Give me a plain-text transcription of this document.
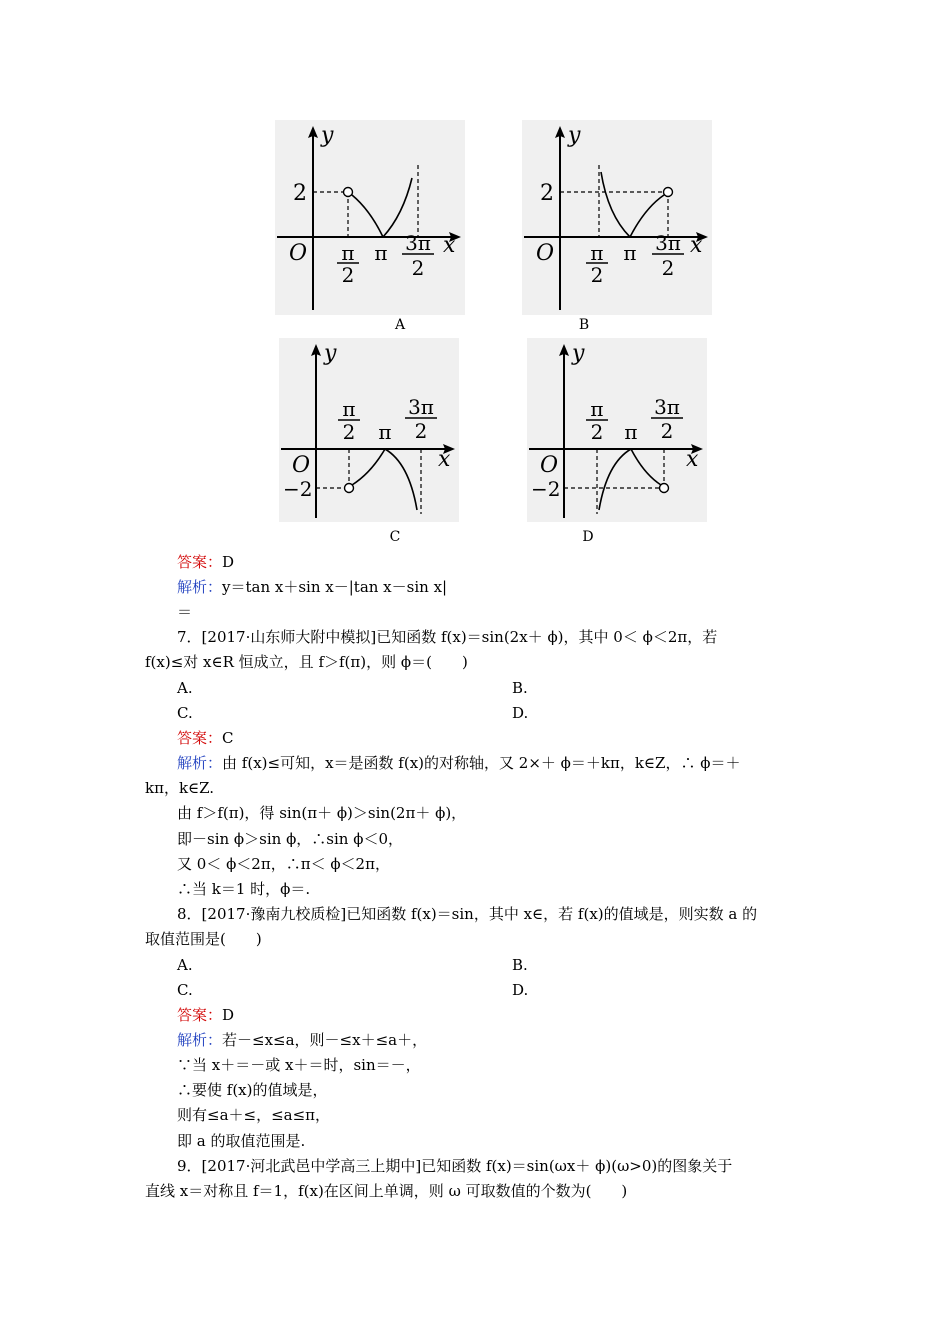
y
x
O
2
π
2
π 3π
2
A
y
x
O
2
π
2
π 3π
2
B
y
x
O
−2
π
2 π
3π
2
C
y
x
O
−2
π
2 π
3π
2
D
答案：D
解析：y＝tan x＋sin x－|tan x－sin x|
＝
7．[2017·山东师大附中模拟]已知函数 f(x)＝sin(2x＋ ϕ)，其中 0＜ ϕ＜2π，若
f(x)≤对 x∈R 恒成立，且 f＞f(π)，则 ϕ＝(　　)
A.	B.
C.	D.
答案：C
解析：由 f(x)≤可知，x＝是函数 f(x)的对称轴，又 2×＋ ϕ＝＋kπ，k∈Z，∴ ϕ＝＋
kπ，k∈Z.
由 f＞f(π)，得 sin(π＋ ϕ)＞sin(2π＋ ϕ)，
即－sin ϕ＞sin ϕ，∴sin ϕ＜0，
又 0＜ ϕ＜2π，∴π＜ ϕ＜2π，
∴当 k＝1 时，ϕ＝.
8．[2017·豫南九校质检]已知函数 f(x)＝sin，其中 x∈，若 f(x)的值域是，则实数 a 的
取值范围是(　　)
A.	B.
C.	D.
答案：D
解析：若－≤x≤a，则－≤x＋≤a＋，
∵当 x＋＝－或 x＋＝时，sin＝－，
∴要使 f(x)的值域是，
则有≤a＋≤，≤a≤π，
即 a 的取值范围是.
9．[2017·河北武邑中学高三上期中]已知函数 f(x)＝sin(ωx＋ ϕ)(ω>0)的图象关于
直线 x＝对称且 f＝1，f(x)在区间上单调，则 ω 可取数值的个数为(　　)
